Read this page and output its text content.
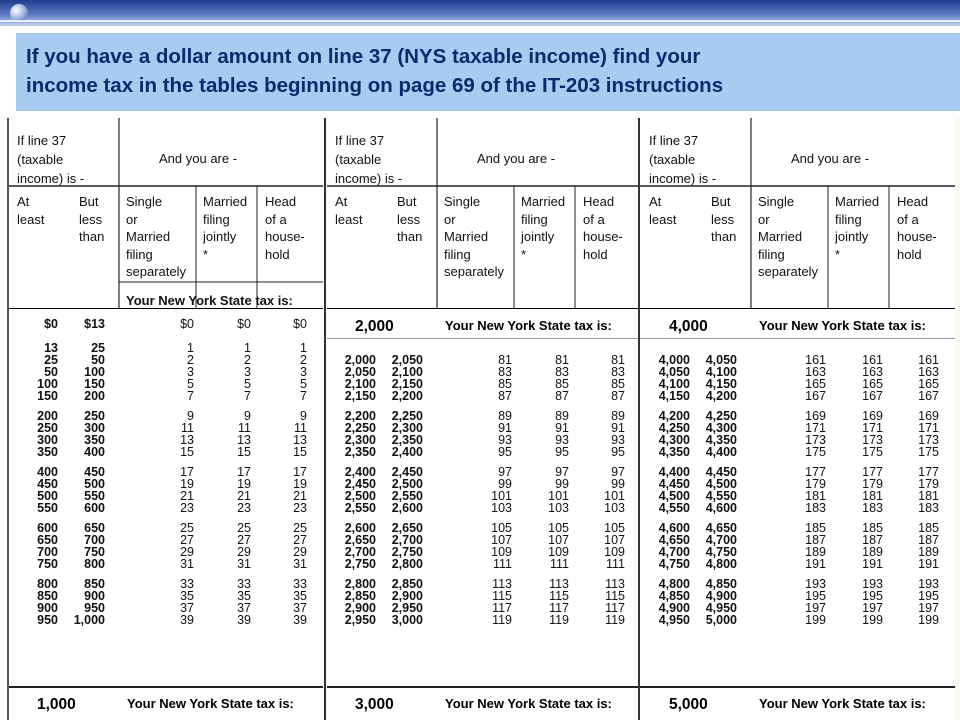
If you have a dollar amount on line 37 (NYS taxable income) find your
income tax in the tables beginning on page 69 of the IT-203 instructions
If line 37
(taxable
income) is -
And you are -
At
least
But
less
than
Single
or
Married
filing
separately
Married
filing
jointly
*
Head
of a
house-
hold
Your New York State tax is:
$0	$13	$0	$0	$0
13	25	1	1	1
25	50	2	2	2
50	100	3	3	3
100	150	5	5	5
150	200	7	7	7
200	250	9	9	9
250	300	11	11	11
300	350	13	13	13
350	400	15	15	15
400	450	17	17	17
450	500	19	19	19
500	550	21	21	21
550	600	23	23	23
600	650	25	25	25
650	700	27	27	27
700	750	29	29	29
750	800	31	31	31
800	850	33	33	33
850	900	35	35	35
900	950	37	37	37
950	1,000	39	39	39
1,000	Your New York State tax is:
If line 37
(taxable
income) is -
And you are -
At
least
But
less
than
Single
or
Married
filing
separately
Married
filing
jointly
*
Head
of a
house-
hold
2,000	Your New York State tax is:
2,000	2,050	81	81	81
2,050	2,100	83	83	83
2,100	2,150	85	85	85
2,150	2,200	87	87	87
2,200	2,250	89	89	89
2,250	2,300	91	91	91
2,300	2,350	93	93	93
2,350	2,400	95	95	95
2,400	2,450	97	97	97
2,450	2,500	99	99	99
2,500	2,550	101	101	101
2,550	2,600	103	103	103
2,600	2,650	105	105	105
2,650	2,700	107	107	107
2,700	2,750	109	109	109
2,750	2,800	111	111	111
2,800	2,850	113	113	113
2,850	2,900	115	115	115
2,900	2,950	117	117	117
2,950	3,000	119	119	119
3,000	Your New York State tax is:
If line 37
(taxable
income) is -
And you are -
At
least
But
less
than
Single
or
Married
filing
separately
Married
filing
jointly
*
Head
of a
house-
hold
4,000	Your New York State tax is:
4,000	4,050	161	161	161
4,050	4,100	163	163	163
4,100	4,150	165	165	165
4,150	4,200	167	167	167
4,200	4,250	169	169	169
4,250	4,300	171	171	171
4,300	4,350	173	173	173
4,350	4,400	175	175	175
4,400	4,450	177	177	177
4,450	4,500	179	179	179
4,500	4,550	181	181	181
4,550	4,600	183	183	183
4,600	4,650	185	185	185
4,650	4,700	187	187	187
4,700	4,750	189	189	189
4,750	4,800	191	191	191
4,800	4,850	193	193	193
4,850	4,900	195	195	195
4,900	4,950	197	197	197
4,950	5,000	199	199	199
5,000	Your New York State tax is:
